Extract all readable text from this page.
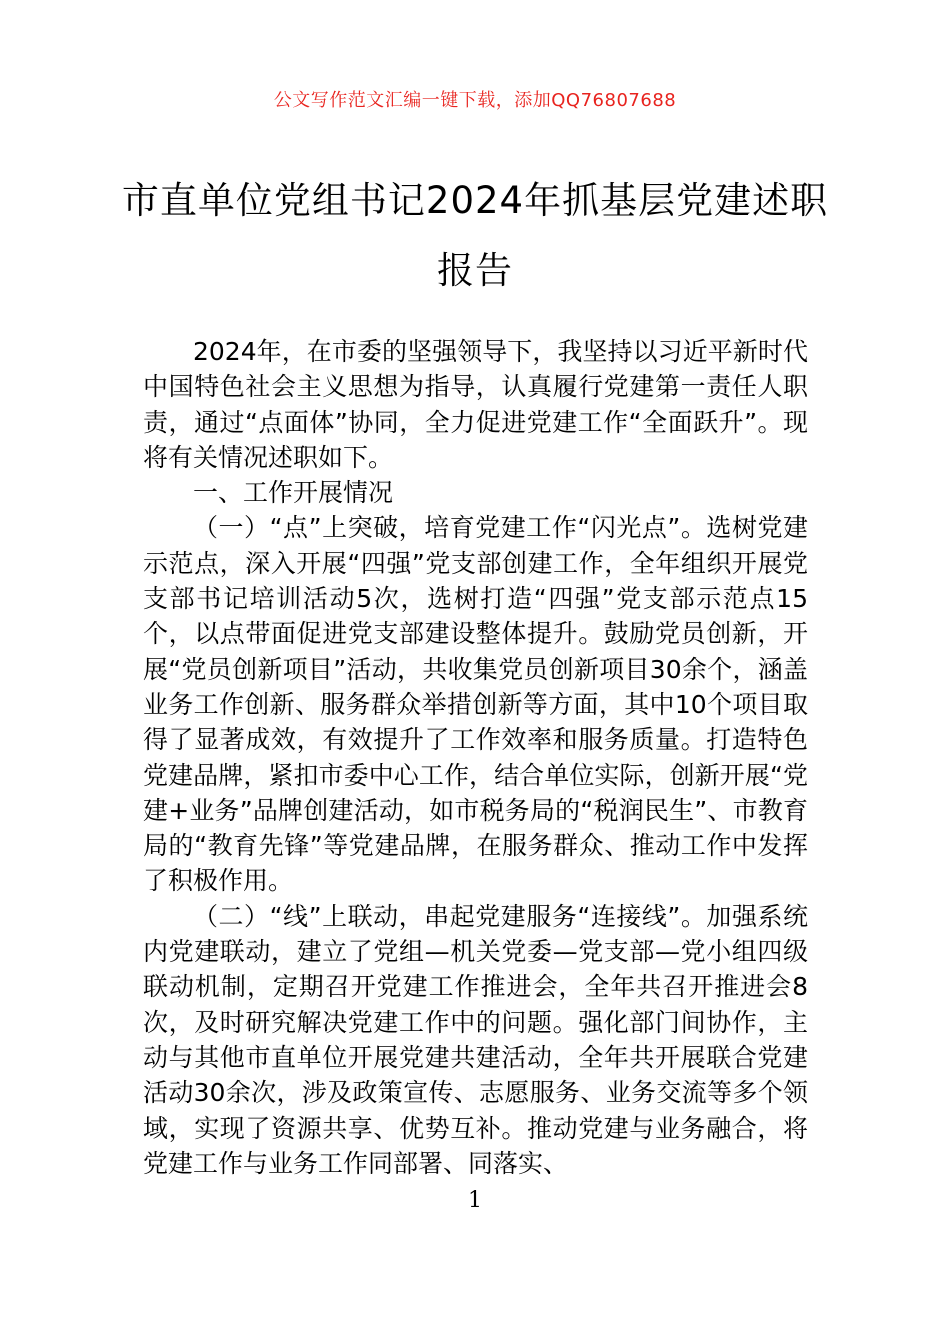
公文写作范文汇编一键下载，添加QQ76807688
市直单位党组书记2024年抓基层党建述职
报告

2024年，在市委的坚强领导下，我坚持以习近平新时代中国特色社会主义思想为指导，认真履行党建第一责任人职责，通过“点面体”协同，全力促进党建工作“全面跃升”。现将有关情况述职如下。

一、工作开展情况

（一）“点”上突破，培育党建工作“闪光点”。选树党建示范点，深入开展“四强”党支部创建工作，全年组织开展党支部书记培训活动5次，选树打造“四强”党支部示范点15个，以点带面促进党支部建设整体提升。鼓励党员创新，开展“党员创新项目”活动，共收集党员创新项目30余个，涵盖业务工作创新、服务群众举措创新等方面，其中10个项目取得了显著成效，有效提升了工作效率和服务质量。打造特色党建品牌，紧扣市委中心工作，结合单位实际，创新开展“党建+业务”品牌创建活动，如市税务局的“税润民生”、市教育局的“教育先锋”等党建品牌，在服务群众、推动工作中发挥了积极作用。

（二）“线”上联动，串起党建服务“连接线”。加强系统内党建联动，建立了党组—机关党委—党支部—党小组四级联动机制，定期召开党建工作推进会，全年共召开推进会8次，及时研究解决党建工作中的问题。强化部门间协作，主动与其他市直单位开展党建共建活动，全年共开展联合党建活动30余次，涉及政策宣传、志愿服务、业务交流等多个领域，实现了资源共享、优势互补。推动党建与业务融合，将党建工作与业务工作同部署、同落实、

1
